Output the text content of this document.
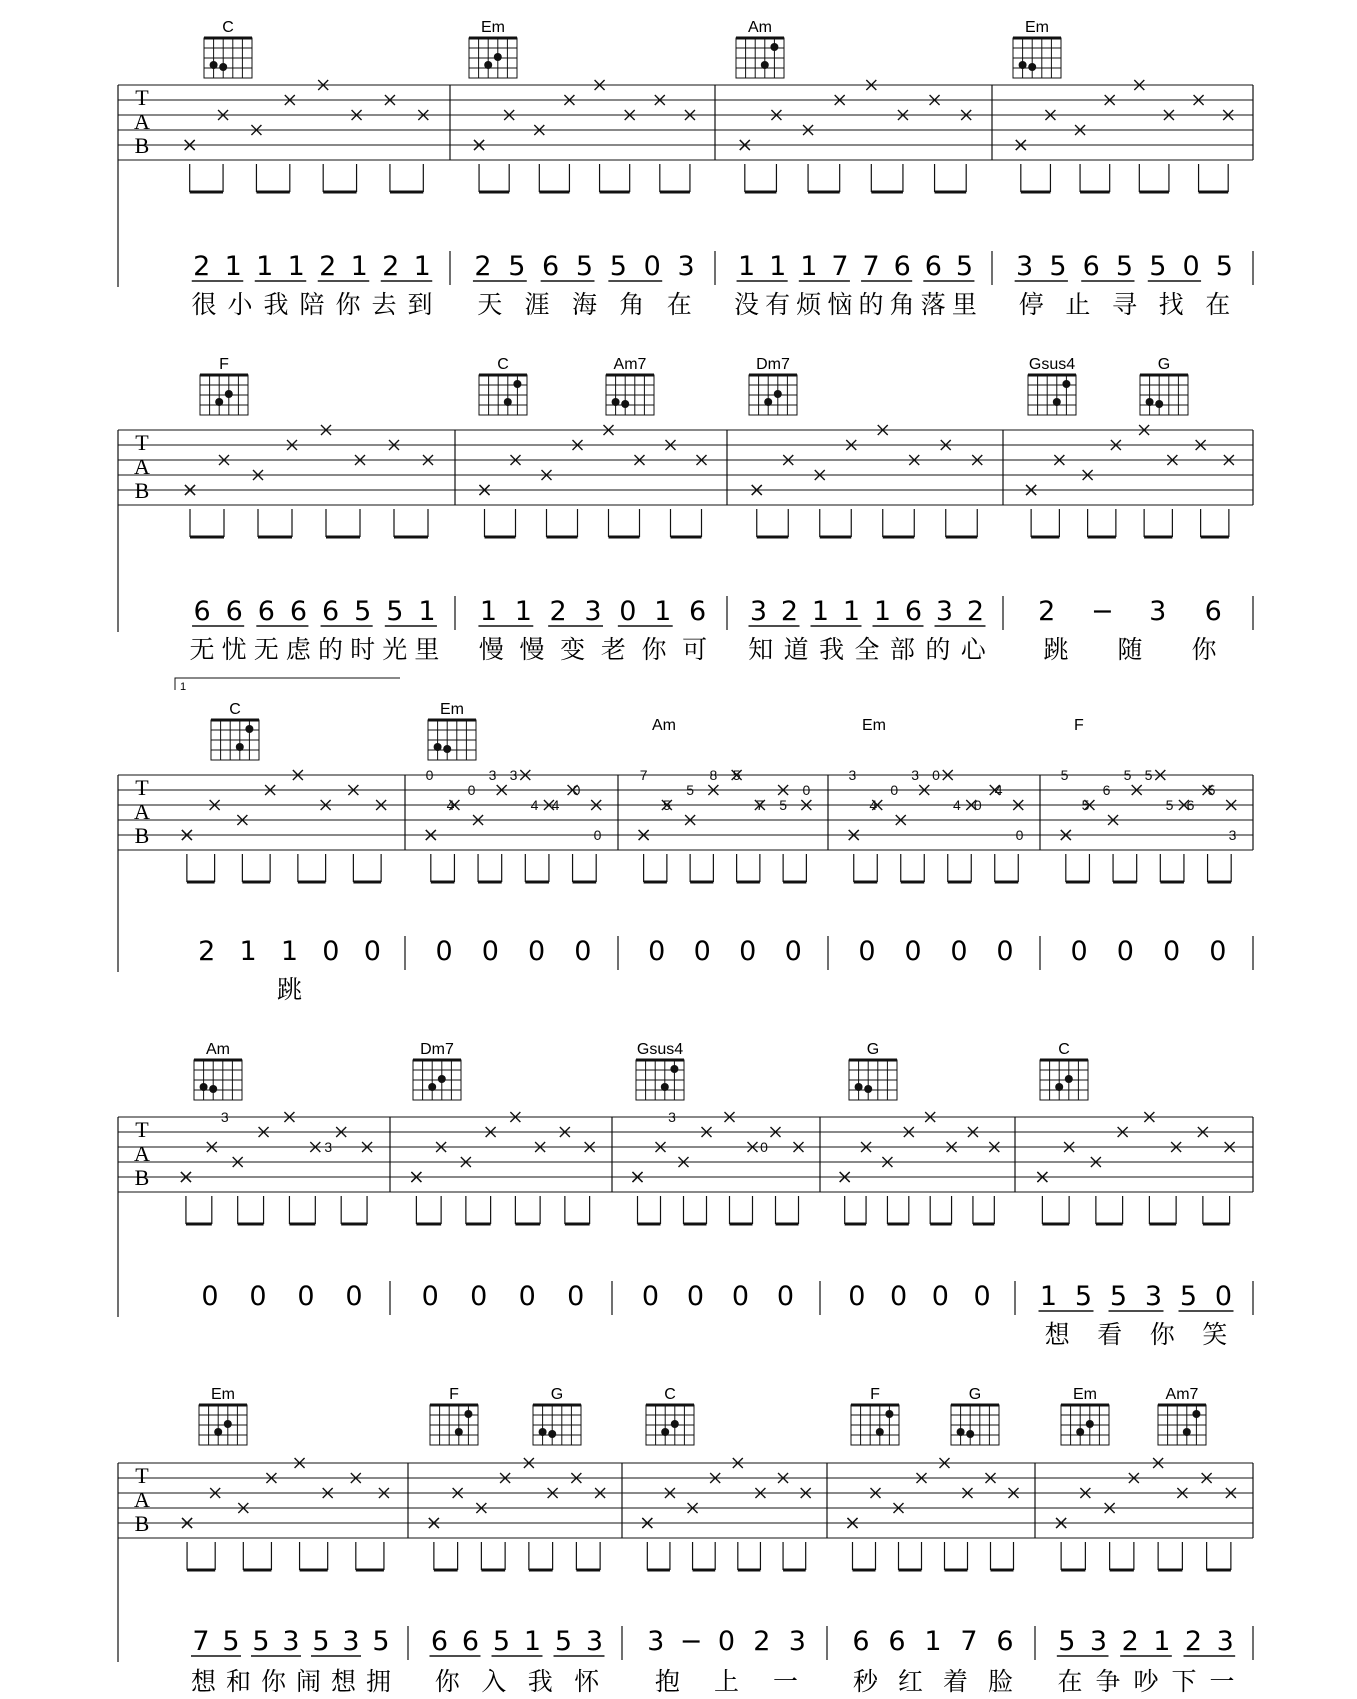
T
A
B
C	Em	Am	Em
2 1 1 1 2 1 2 1
很 小 我 陪 你 去 到
2 5 6 5 5 0 3
天 涯 海 角 在
1 1 1 7 7 6 6 5
没 有 烦 恼 的 角 落 里
3 5 6 5 5 0 5
停 止 寻 找 在
T
A
B
F	C	Am7	Dm7	Gsus4	G
6 6 6 6 6 5 5 1
无 忧 无 虑 的 时 光 里
1 1 2 3 0 1 6
慢 慢 变 老 你 可
3 2 1 1 1 6 3 2
知 道 我 全 部 的 心
2 − 3 6
跳 随 你
T
A
B
0
4
0
3 3
4 4
0
0
7
5
5
8 5
7 5
0
3
4
0
3 0
4 0
4
0
5
5
6
5 5
5 6
5
3
1
C	Em
Am	Em	F
2 1 1 0 0
跳
0 0 0 0 0 0 0 0 0 0 0 0 0 0 0 0
T
A
B
3
3
3
0
Am	Dm7	Gsus4	G	C
0 0 0 0 0 0 0 0 0 0 0 0 0 0 0 0 1 5 5 3 5 0
想 看 你 笑
T
A
B
Em	F	G	C	F	G	Em	Am7
7 5 5 3 5 3 5
想 和 你 闹 想 拥
6 6 5 1 5 3
你 入 我 怀
3 − 0 2 3
抱 上 一
6 6 1 7 6
秒 红 着 脸
5 3 2 1 2 3
在 争 吵 下 一
